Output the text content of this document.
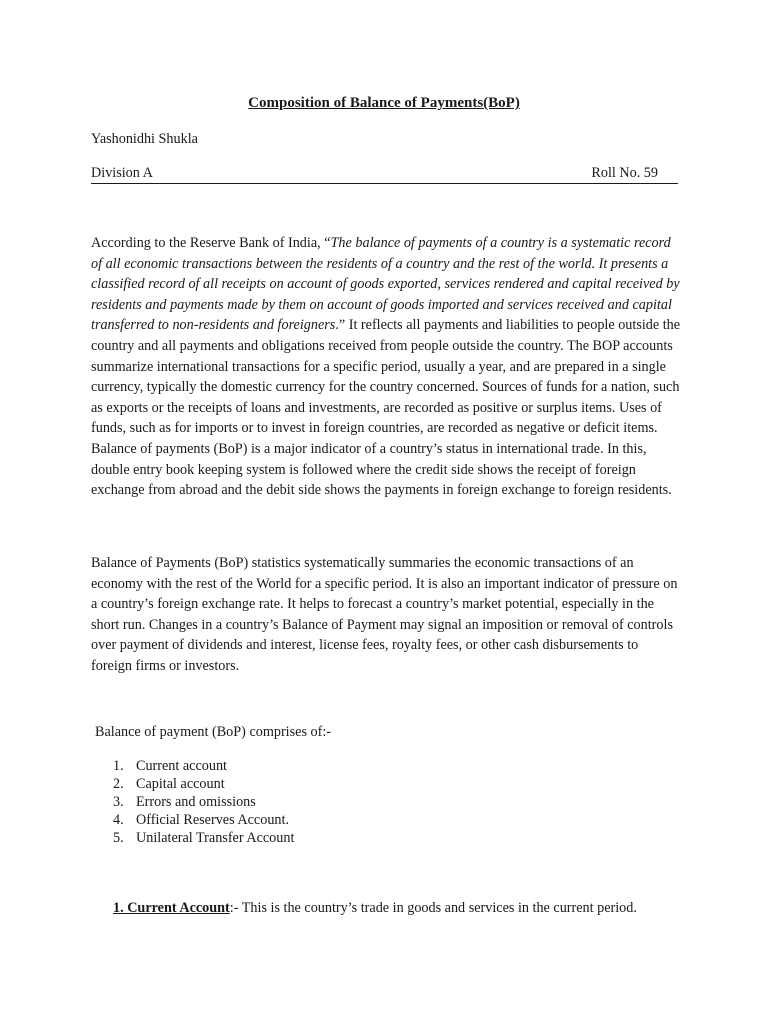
Composition of Balance of Payments(BoP)
Yashonidhi Shukla
Division A	Roll No. 59

According to the Reserve Bank of India, “The balance of payments of a country is a systematic record of all economic transactions between the residents of a country and the rest of the world. It presents a classified record of all receipts on account of goods exported, services rendered and capital received by residents and payments made by them on account of goods imported and services received and capital transferred to non-residents and foreigners.” It reflects all payments and liabilities to people outside the country and all payments and obligations received from people outside the country. The BOP accounts summarize international transactions for a specific period, usually a year, and are prepared in a single currency, typically the domestic currency for the country concerned. Sources of funds for a nation, such as exports or the receipts of loans and investments, are recorded as positive or surplus items. Uses of funds, such as for imports or to invest in foreign countries, are recorded as negative or deficit items. Balance of payments (BoP) is a major indicator of a country’s status in international trade. In this, double entry book keeping system is followed where the credit side shows the receipt of foreign exchange from abroad and the debit side shows the payments in foreign exchange to foreign residents.

Balance of Payments (BoP) statistics systematically summaries the economic transactions of an economy with the rest of the World for a specific period. It is also an important indicator of pressure on a country’s foreign exchange rate. It helps to forecast a country’s market potential, especially in the short run. Changes in a country’s Balance of Payment may signal an imposition or removal of controls over payment of dividends and interest, license fees, royalty fees, or other cash disbursements to foreign firms or investors.

Balance of payment (BoP) comprises of:-
1. Current account
2. Capital account
3. Errors and omissions
4. Official Reserves Account.
5. Unilateral Transfer Account
1. Current Account:- This is the country’s trade in goods and services in the current period.
